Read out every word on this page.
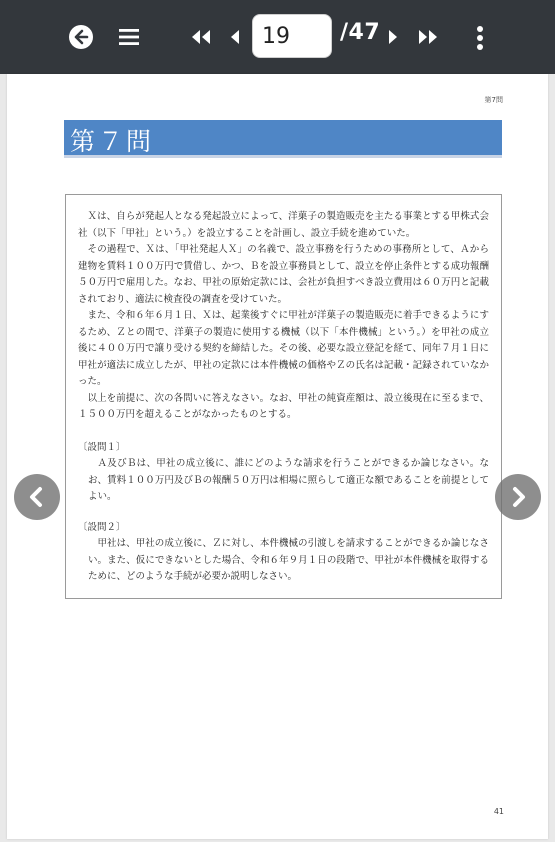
19
/47
第7問
第７問

Ｘは、自らが発起人となる発起設立によって、洋菓子の製造販売を主たる事業とする甲株式会社（以下「甲社」という。）を設立することを計画し、設立手続を進めていた。

その過程で、Ｘは、「甲社発起人Ｘ」の名義で、設立事務を行うための事務所として、Ａから建物を賃料１００万円で賃借し、かつ、Ｂを設立事務員として、設立を停止条件とする成功報酬５０万円で雇用した。なお、甲社の原始定款には、会社が負担すべき設立費用は６０万円と記載されており、適法に検査役の調査を受けていた。

また、令和６年６月１日、Ｘは、起業後すぐに甲社が洋菓子の製造販売に着手できるようにするため、Ｚとの間で、洋菓子の製造に使用する機械（以下「本件機械」という。）を甲社の成立後に４００万円で譲り受ける契約を締結した。その後、必要な設立登記を経て、同年７月１日に甲社が適法に成立したが、甲社の定款には本件機械の価格やＺの氏名は記載・記録されていなかった。

以上を前提に、次の各問いに答えなさい。なお、甲社の純資産額は、設立後現在に至るまで、１５００万円を超えることがなかったものとする。

〔設問１〕

Ａ及びＢは、甲社の成立後に、誰にどのような請求を行うことができるか論じなさい。なお、賃料１００万円及びＢの報酬５０万円は相場に照らして適正な額であることを前提としてよい。

〔設問２〕

甲社は、甲社の成立後に、Ｚに対し、本件機械の引渡しを請求することができるか論じなさい。また、仮にできないとした場合、令和６年９月１日の段階で、甲社が本件機械を取得するために、どのような手続が必要か説明しなさい。

41
